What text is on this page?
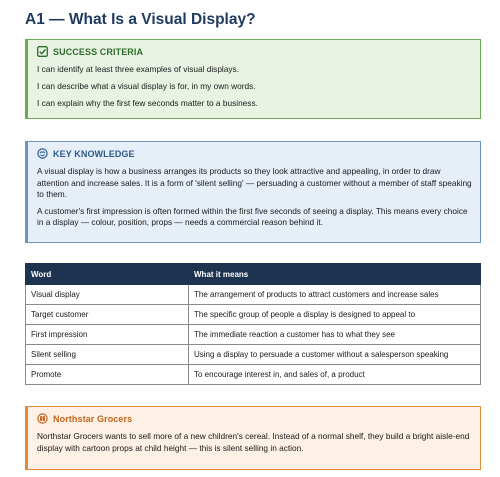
A1 — What Is a Visual Display?
SUCCESS CRITERIA

I can identify at least three examples of visual displays.

I can describe what a visual display is for, in my own words.

I can explain why the first few seconds matter to a business.

KEY KNOWLEDGE

A visual display is how a business arranges its products so they look attractive and appealing, in order to draw attention and increase sales. It is a form of 'silent selling' — persuading a customer without a member of staff speaking to them.

A customer's first impression is often formed within the first five seconds of seeing a display. This means every choice in a display — colour, position, props — needs a commercial reason behind it.

Word	What it means
Visual display	The arrangement of products to attract customers and increase sales
Target customer	The specific group of people a display is designed to appeal to
First impression	The immediate reaction a customer has to what they see
Silent selling	Using a display to persuade a customer without a salesperson speaking
Promote	To encourage interest in, and sales of, a product
Northstar Grocers

Northstar Grocers wants to sell more of a new children's cereal. Instead of a normal shelf, they build a bright aisle-end display with cartoon props at child height — this is silent selling in action.
